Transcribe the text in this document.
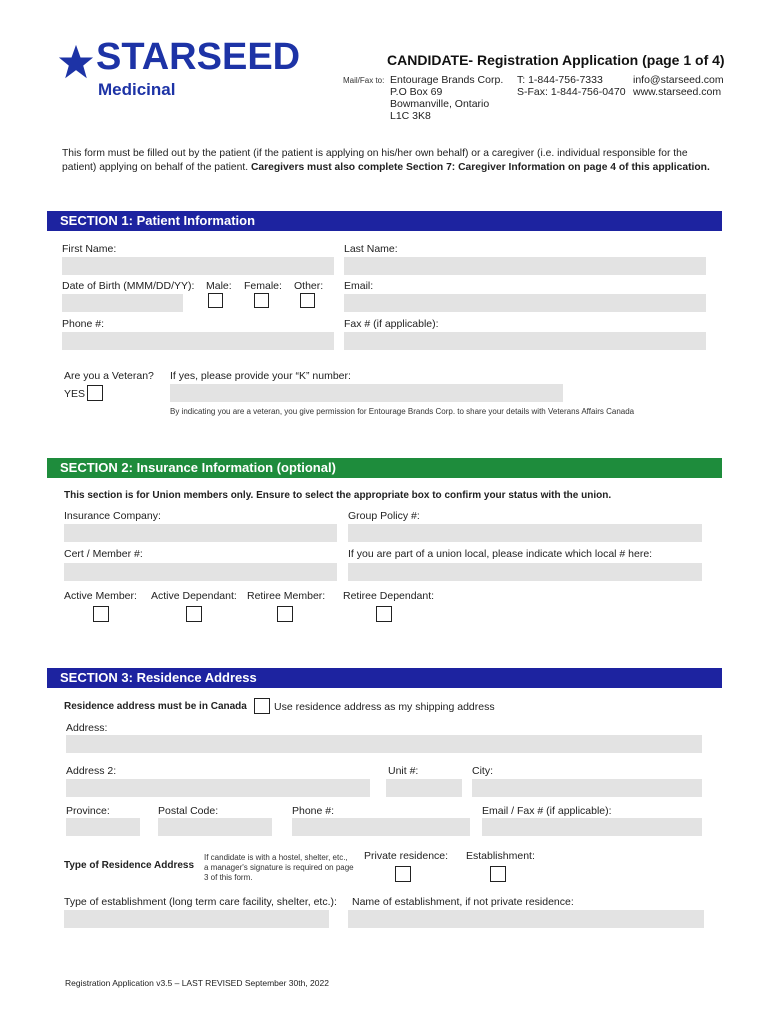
STARSEED
Medicinal
CANDIDATE- Registration Application (page 1 of 4)
Mail/Fax to: Entourage Brands Corp.
P.O Box 69
Bowmanville, Ontario
L1C 3K8
T: 1-844-756-7333
S-Fax: 1-844-756-0470
info@starseed.com
www.starseed.com
This form must be filled out by the patient (if the patient is applying on his/her own behalf) or a caregiver (i.e. individual responsible for the patient) applying on behalf of the patient. Caregivers must also complete Section 7: Caregiver Information on page 4 of this application.
SECTION 1: Patient Information
First Name:	Last Name:
Date of Birth (MMM/DD/YY): Male: Female: Other: Email:
Phone #:	Fax # (if applicable):
Are you a Veteran? If yes, please provide your “K” number:
YES
By indicating you are a veteran, you give permission for Entourage Brands Corp. to share your details with Veterans Affairs Canada
SECTION 2: Insurance Information (optional)
This section is for Union members only. Ensure to select the appropriate box to confirm your status with the union.
Insurance Company:	Group Policy #:
Cert / Member #:	If you are part of a union local, please indicate which local # here:
Active Member: Active Dependant: Retiree Member: Retiree Dependant:
SECTION 3: Residence Address
Residence address must be in Canada	Use residence address as my shipping address
Address:
Address 2:	Unit #:	City:
Province:	Postal Code:	Phone #:	Email / Fax # (if applicable):
Type of Residence Address
If candidate is with a hostel, shelter, etc., a manager's signature is required on page 3 of this form.
Private residence: Establishment:
Type of establishment (long term care facility, shelter, etc.): Name of establishment, if not private residence:
Registration Application v3.5 – LAST REVISED September 30th, 2022
